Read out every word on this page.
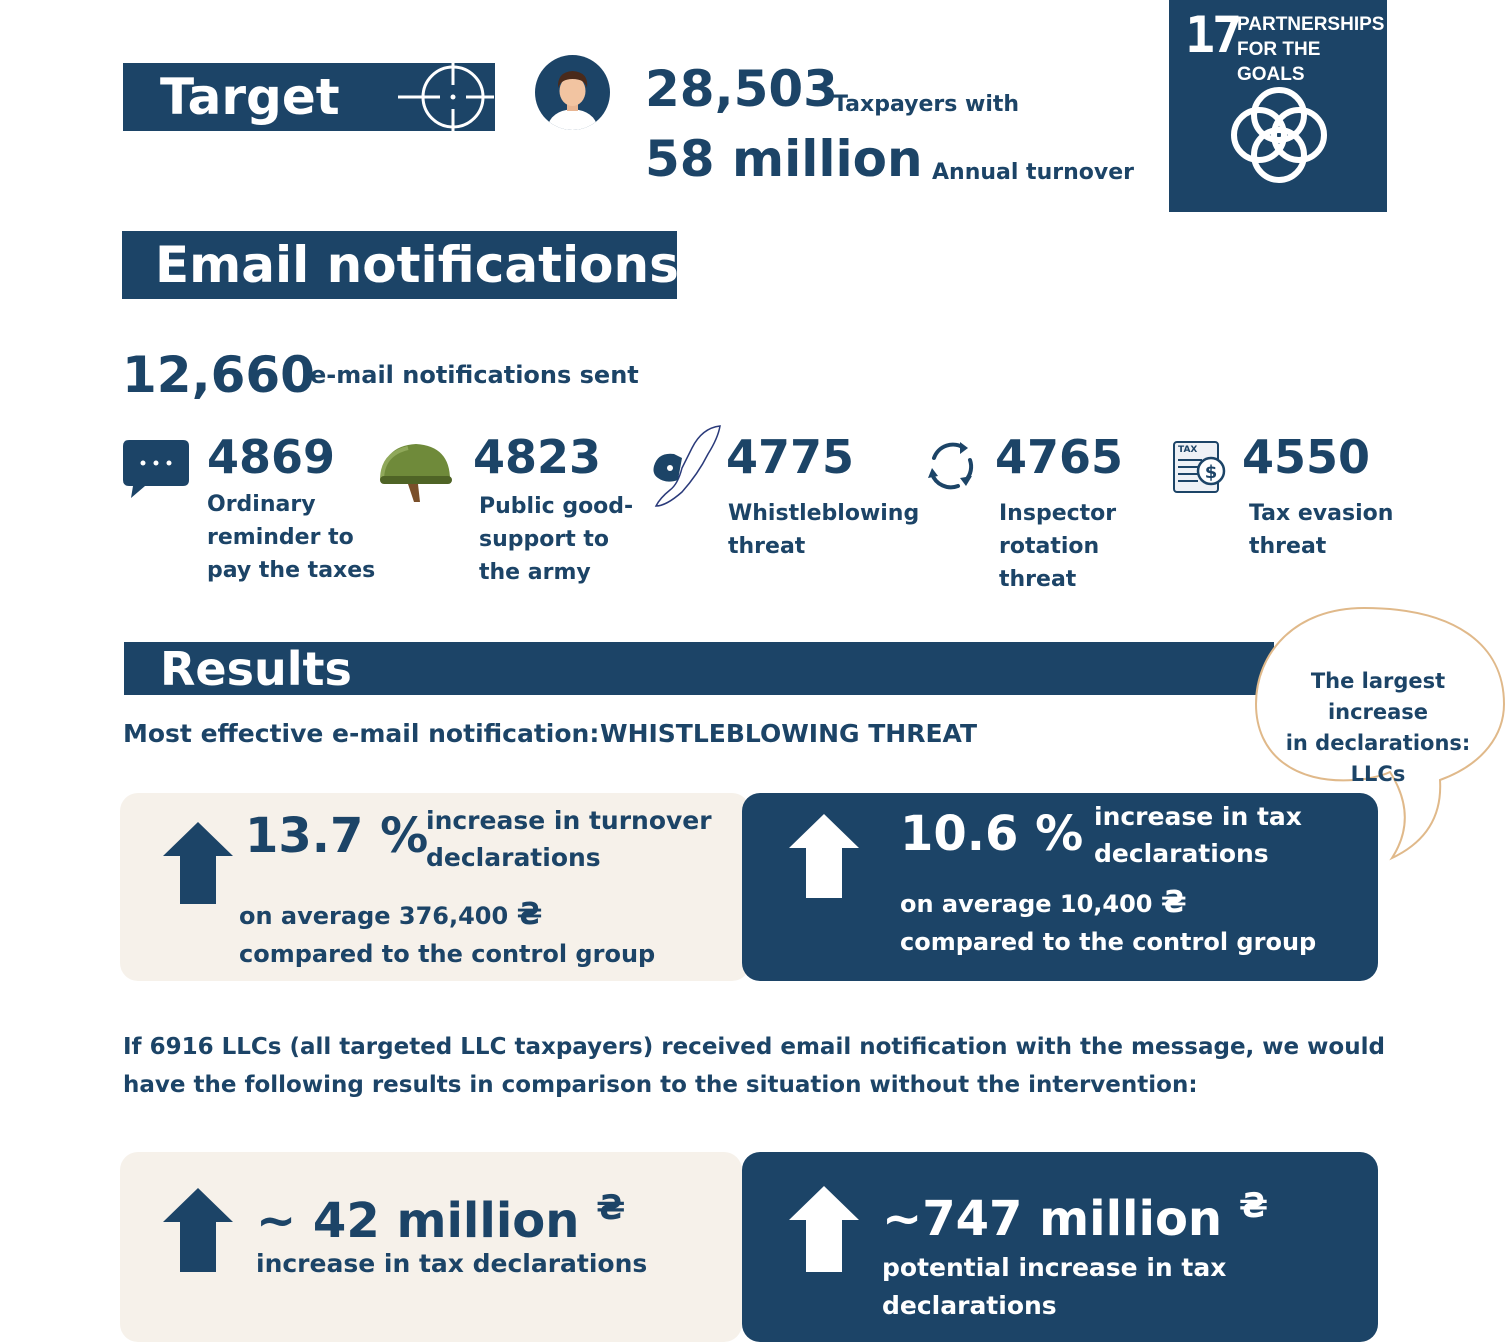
Target	28,503
Taxpayers with
58 million Annual turnover
17
PARTNERSHIPS
FOR THE GOALS
Email notifications
12,660
e-mail notifications sent
4869
Ordinary
reminder to
pay the taxes
4823
Public good-
support to
the army
4775
Whistleblowing
threat
4765
Inspector
rotation
threat
TAX
$ 4550
Tax evasion
threat
Results	The largest increase
in declarations: LLCs
Most effective e-mail notification: WHISTLEBLOWING THREAT
13.7 %
increase in turnover
declarations
on average 376,400 ₴
compared to the control group
10.6 % increase in tax
declarations
on average 10,400 ₴
compared to the control group
If 6916 LLCs (all targeted LLC taxpayers) received email notification with the message, we would
have the following results in comparison to the situation without the intervention:
~ 42 million ₴
increase in tax declarations
~747 million ₴
potential increase in tax
declarations
